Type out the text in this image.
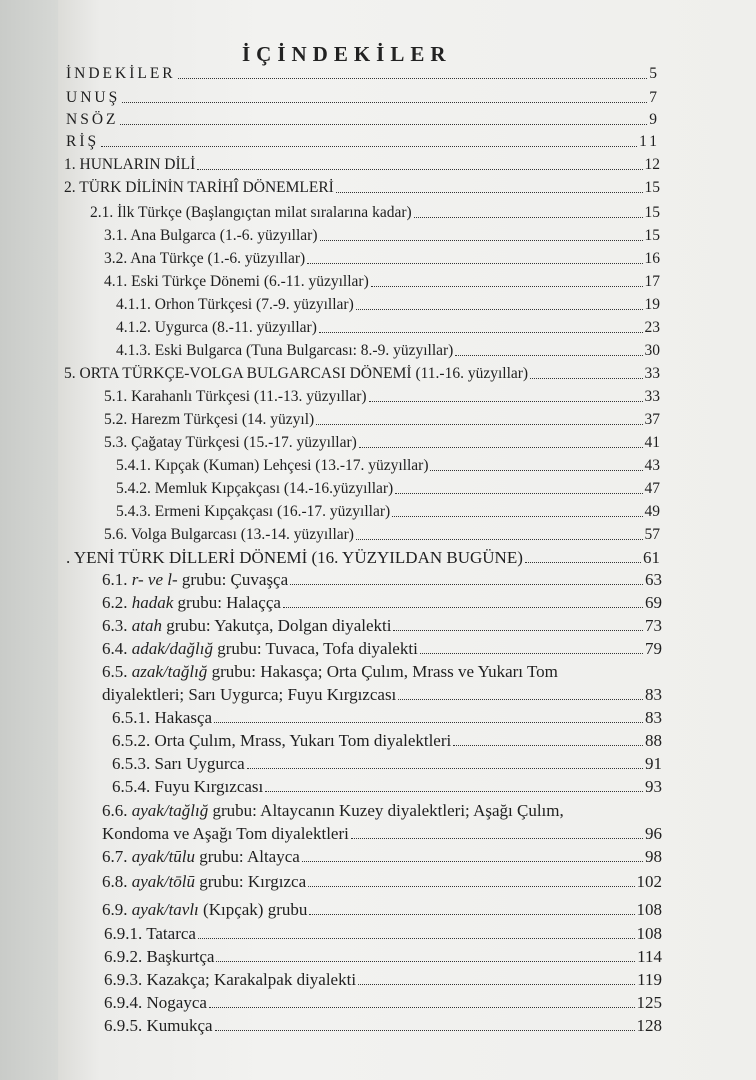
İÇİNDEKİLER
İNDEKİLER	5
UNUŞ	7
NSÖZ	9
RİŞ	11
1. HUNLARIN DİLİ	12
2. TÜRK DİLİNİN TARİHÎ DÖNEMLERİ	15
2.1. İlk Türkçe (Başlangıçtan milat sıralarına kadar)	15
3.1. Ana Bulgarca (1.-6. yüzyıllar)	15
3.2. Ana Türkçe (1.-6. yüzyıllar)	16
4.1. Eski Türkçe Dönemi (6.-11. yüzyıllar)	17
4.1.1. Orhon Türkçesi (7.-9. yüzyıllar)	19
4.1.2. Uygurca (8.-11. yüzyıllar)	23
4.1.3. Eski Bulgarca (Tuna Bulgarcası: 8.-9. yüzyıllar)	30
5. ORTA TÜRKÇE-VOLGA BULGARCASI DÖNEMİ (11.-16. yüzyıllar)	33
5.1. Karahanlı Türkçesi (11.-13. yüzyıllar)	33
5.2. Harezm Türkçesi (14. yüzyıl)	37
5.3. Çağatay Türkçesi (15.-17. yüzyıllar)	41
5.4.1. Kıpçak (Kuman) Lehçesi (13.-17. yüzyıllar)	43
5.4.2. Memluk Kıpçakçası (14.-16.yüzyıllar)	47
5.4.3. Ermeni Kıpçakçası (16.-17. yüzyıllar)	49
5.6. Volga Bulgarcası (13.-14. yüzyıllar)	57
. YENİ TÜRK DİLLERİ DÖNEMİ (16. YÜZYILDAN BUGÜNE)	61
6.1. r- ve l- grubu: Çuvaşça	63
6.2. hadak grubu: Halaçça	69
6.3. atah grubu: Yakutça, Dolgan diyalekti	73
6.4. adak/dağlığ grubu: Tuvaca, Tofa diyalekti	79
6.5. azak/tağlığ grubu: Hakasça; Orta Çulım, Mrass ve Yukarı Tom
diyalektleri; Sarı Uygurca; Fuyu Kırgızcası	83
6.5.1. Hakasça	83
6.5.2. Orta Çulım, Mrass, Yukarı Tom diyalektleri	88
6.5.3. Sarı Uygurca	91
6.5.4. Fuyu Kırgızcası	93
6.6. ayak/tağlığ grubu: Altaycanın Kuzey diyalektleri; Aşağı Çulım,
Kondoma ve Aşağı Tom diyalektleri	96
6.7. ayak/tūlu grubu: Altayca	98
6.8. ayak/tōlū grubu: Kırgızca	102
6.9. ayak/tavlı (Kıpçak) grubu	108
6.9.1. Tatarca	108
6.9.2. Başkurtça	114
6.9.3. Kazakça; Karakalpak diyalekti	119
6.9.4. Nogayca	125
6.9.5. Kumukça	128
